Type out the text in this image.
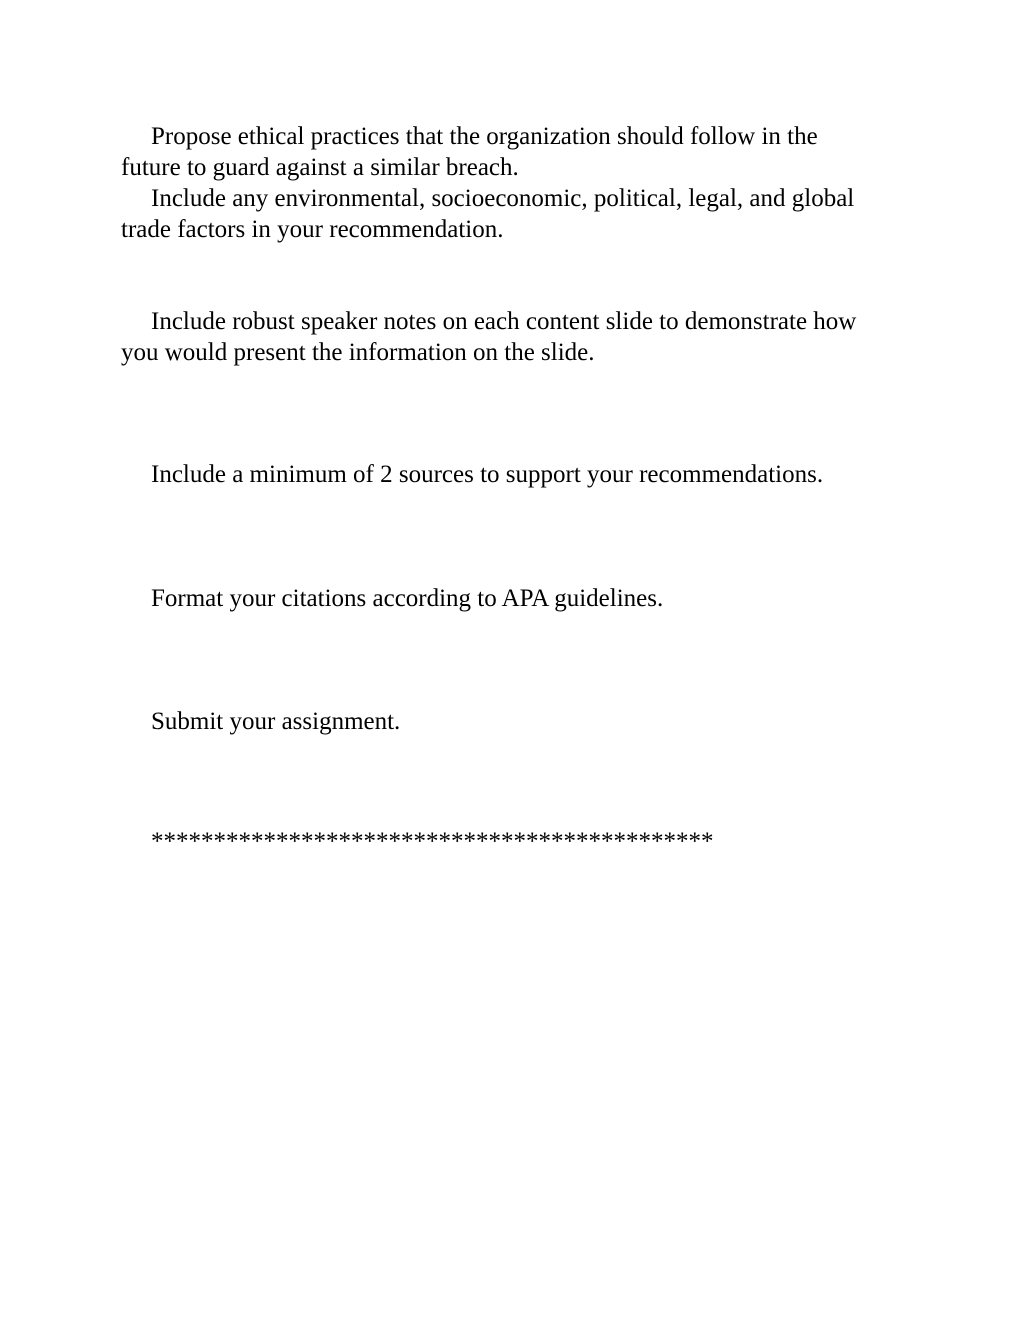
Propose ethical practices that the organization should follow in the future to guard against a similar breach.

Include any environmental, socioeconomic, political, legal, and global trade factors in your recommendation.

Include robust speaker notes on each content slide to demonstrate how you would present the information on the slide.

Include a minimum of 2 sources to support your recommendations.

Format your citations according to APA guidelines.

Submit your assignment.

*********************************************
